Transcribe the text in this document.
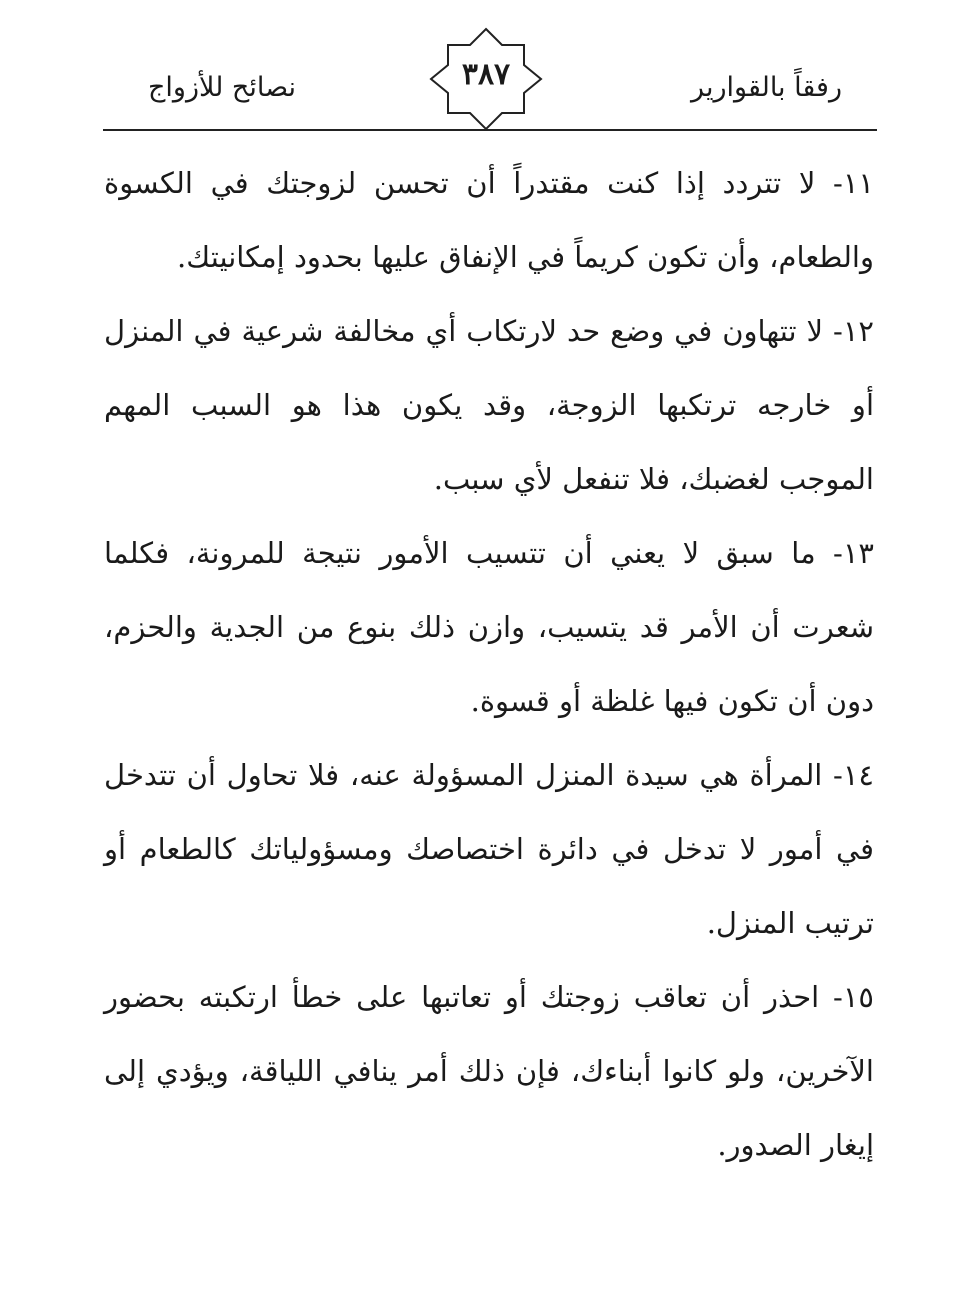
رفقاً بالقوارير
٣٨٧
نصائح للأزواج

١١- لا تتردد إذا كنت مقتدراً أن تحسن لزوجتك في الكسوة والطعام، وأن تكون كريماً في الإنفاق عليها بحدود إمكانيتك.

١٢- لا تتهاون في وضع حد لارتكاب أي مخالفة شرعية في المنزل أو خارجه ترتكبها الزوجة، وقد يكون هذا هو السبب المهم الموجب لغضبك، فلا تنفعل لأي سبب.

١٣- ما سبق لا يعني أن تتسيب الأمور نتيجة للمرونة، فكلما شعرت أن الأمر قد يتسيب، وازن ذلك بنوع من الجدية والحزم، دون أن تكون فيها غلظة أو قسوة.

١٤- المرأة هي سيدة المنزل المسؤولة عنه، فلا تحاول أن تتدخل في أمور لا تدخل في دائرة اختصاصك ومسؤولياتك كالطعام أو ترتيب المنزل.

١٥- احذر أن تعاقب زوجتك أو تعاتبها على خطأ ارتكبته بحضور الآخرين، ولو كانوا أبناءك، فإن ذلك أمر ينافي اللياقة، ويؤدي إلى إيغار الصدور.
